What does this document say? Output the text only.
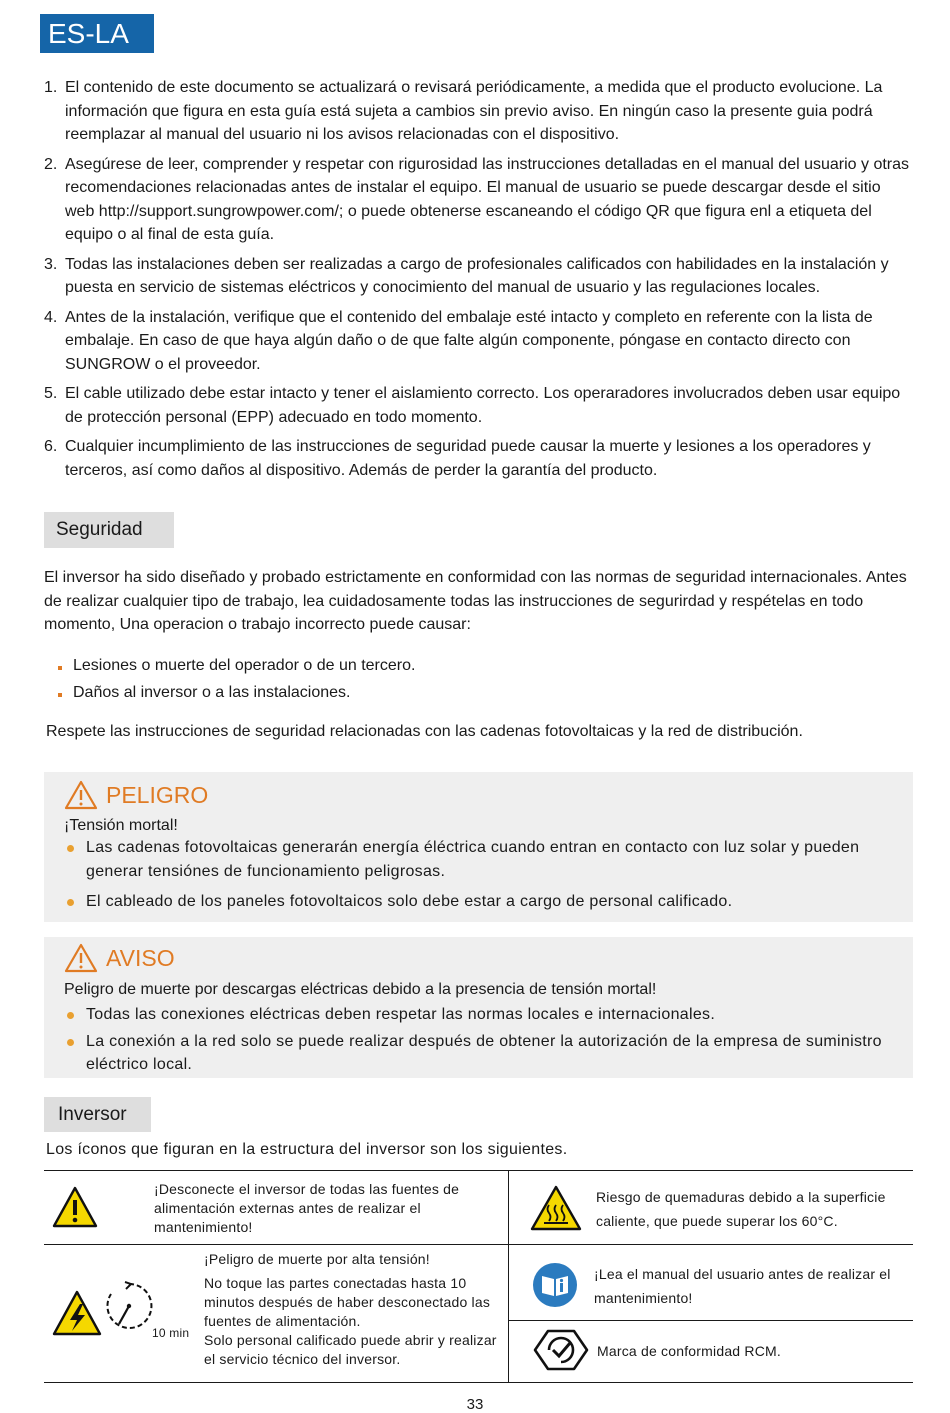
ES-LA
1. El contenido de este documento se actualizará o revisará periódicamente, a medida que el producto evolucione. La información que figura en esta guía está sujeta a cambios sin previo aviso. En ningún caso la presente guia podrá reemplazar al manual del usuario ni los avisos relacionadas con el dispositivo.
2. Asegúrese de leer, comprender y respetar con rigurosidad las instrucciones detalladas en el manual del usuario y otras recomendaciones relacionadas antes de instalar el equipo. El manual de usuario se puede descargar desde el sitio web http://support.sungrowpower.com/; o puede obtenerse escaneando el código QR que figura enl a etiqueta del equipo o al final de esta guía.
3. Todas las instalaciones deben ser realizadas a cargo de profesionales calificados con habilidades en la instalación y puesta en servicio de sistemas eléctricos y conocimiento del manual de usuario y las regulaciones locales.
4. Antes de la instalación, verifique que el contenido del embalaje esté intacto y completo en referente con la lista de embalaje. En caso de que haya algún daño o de que falte algún componente, póngase en contacto directo con SUNGROW o el proveedor.
5. El cable utilizado debe estar intacto y tener el aislamiento correcto. Los operaradores involucrados deben usar equipo de protección personal (EPP) adecuado en todo momento.
6. Cualquier incumplimiento de las instrucciones de seguridad puede causar la muerte y lesiones a los operadores y terceros, así como daños al dispositivo. Además de perder la garantía del producto.
Seguridad

El inversor ha sido diseñado y probado estrictamente en conformidad con las normas de seguridad internacionales. Antes de realizar cualquier tipo de trabajo, lea cuidadosamente todas las instrucciones de segurirdad y respételas en todo momento, Una operacion o trabajo incorrecto puede causar:

Lesiones o muerte del operador o de un tercero.
Daños al inversor o a las instalaciones.

Respete las instrucciones de seguridad relacionadas con las cadenas fotovoltaicas y la red de distribución.

PELIGRO
¡Tensión mortal!
Las cadenas fotovoltaicas generarán energía éléctrica cuando entran en contacto con luz solar y pueden generar tensiónes de funcionamiento peligrosas.
El cableado de los paneles fotovoltaicos solo debe estar a cargo de personal calificado.
AVISO
Peligro de muerte por descargas eléctricas debido a la presencia de tensión mortal!
Todas las conexiones eléctricas deben respetar las normas locales e internacionales.
La conexión a la red solo se puede realizar después de obtener la autorización de la empresa de suministro eléctrico local.
Inversor

Los íconos que figuran en la estructura del inversor son los siguientes.

¡Desconecte el inversor de todas las fuentes de alimentación externas antes de realizar el mantenimiento!

Riesgo de quemaduras debido a la superficie caliente, que puede superar los 60°C.

10 min

¡Peligro de muerte por alta tensión!

No toque las partes conectadas hasta 10 minutos después de haber desconectado las fuentes de alimentación.

Solo personal calificado puede abrir y realizar el servicio técnico del inversor.

¡Lea el manual del usuario antes de realizar el mantenimiento!

Marca de conformidad RCM.

33
